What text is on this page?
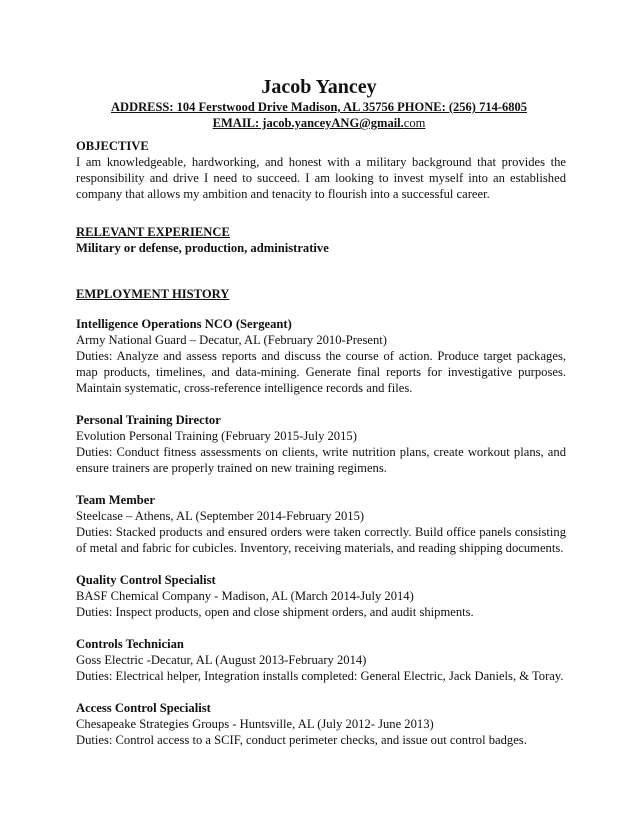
Jacob Yancey
ADDRESS: 104 Ferstwood Drive Madison, AL 35756 PHONE: (256) 714-6805
EMAIL: jacob.yanceyANG@gmail.com

OBJECTIVE

I am knowledgeable, hardworking, and honest with a military background that provides the responsibility and drive I need to succeed. I am looking to invest myself into an established company that allows my ambition and tenacity to flourish into a successful career.

RELEVANT EXPERIENCE

Military or defense, production, administrative

EMPLOYMENT HISTORY

Intelligence Operations NCO (Sergeant)

Army National Guard – Decatur, AL (February 2010-Present)

Duties: Analyze and assess reports and discuss the course of action. Produce target packages, map products, timelines, and data-mining. Generate final reports for investigative purposes. Maintain systematic, cross-reference intelligence records and files.

Personal Training Director

Evolution Personal Training (February 2015-July 2015)

Duties: Conduct fitness assessments on clients, write nutrition plans, create workout plans, and ensure trainers are properly trained on new training regimens.

Team Member

Steelcase – Athens, AL (September 2014-February 2015)

Duties: Stacked products and ensured orders were taken correctly. Build office panels consisting of metal and fabric for cubicles. Inventory, receiving materials, and reading shipping documents.

Quality Control Specialist

BASF Chemical Company - Madison, AL (March 2014-July 2014)

Duties: Inspect products, open and close shipment orders, and audit shipments.

Controls Technician

Goss Electric -Decatur, AL (August 2013-February 2014)

Duties: Electrical helper, Integration installs completed: General Electric, Jack Daniels, & Toray.

Access Control Specialist

Chesapeake Strategies Groups - Huntsville, AL (July 2012- June 2013)

Duties: Control access to a SCIF, conduct perimeter checks, and issue out control badges.
